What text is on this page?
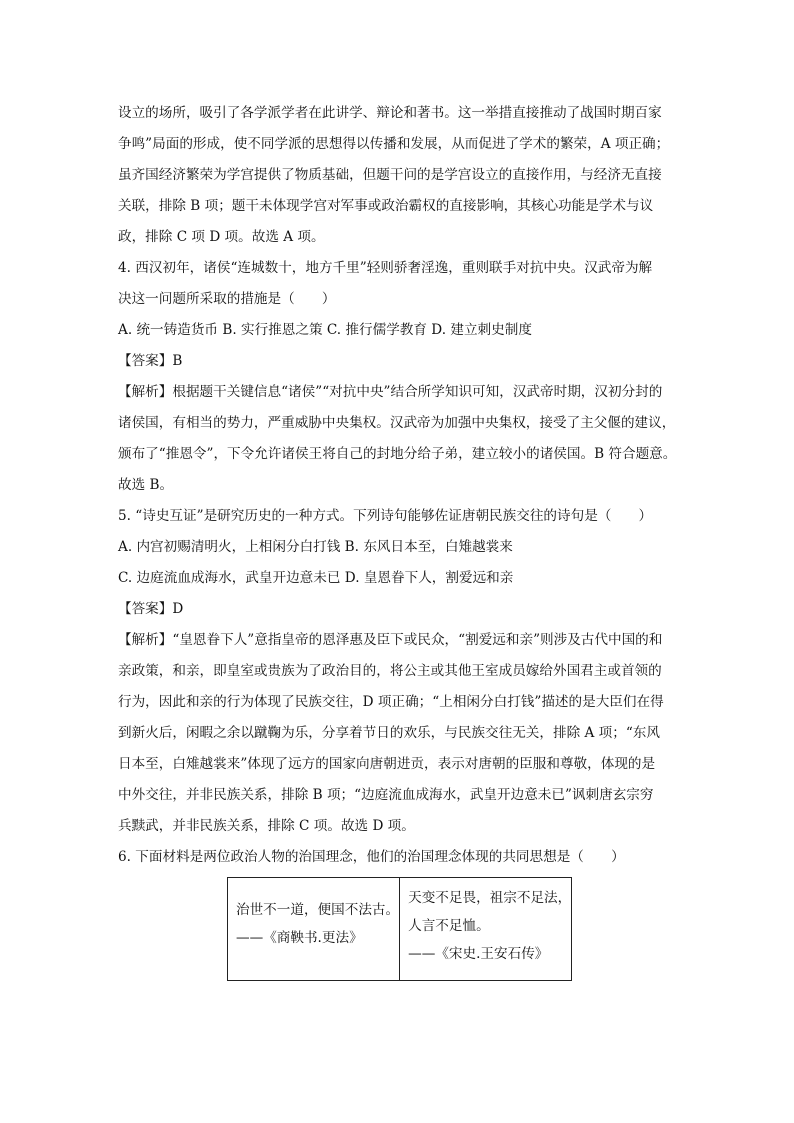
设立的场所，吸引了各学派学者在此讲学、辩论和著书。这一举措直接推动了战国时期百家
争鸣”局面的形成，使不同学派的思想得以传播和发展，从而促进了学术的繁荣，A 项正确；
虽齐国经济繁荣为学宫提供了物质基础，但题干问的是学宫设立的直接作用，与经济无直接
关联，排除 B 项；题干未体现学宫对军事或政治霸权的直接影响，其核心功能是学术与议
政，排除 C 项 D 项。故选 A 项。
4. 西汉初年，诸侯“连城数十，地方千里”轻则骄奢淫逸，重则联手对抗中央。汉武帝为解
决这一问题所采取的措施是（　　）
A. 统一铸造货币 B. 实行推恩之策 C. 推行儒学教育 D. 建立刺史制度
【答案】B
【解析】根据题干关键信息“诸侯”“对抗中央”结合所学知识可知，汉武帝时期，汉初分封的
诸侯国，有相当的势力，严重威胁中央集权。汉武帝为加强中央集权，接受了主父偃的建议，
颁布了“推恩令”，下令允许诸侯王将自己的封地分给子弟，建立较小的诸侯国。B 符合题意。
故选 B。
5. “诗史互证”是研究历史的一种方式。下列诗句能够佐证唐朝民族交往的诗句是（　　）
A. 内宫初赐清明火，上相闲分白打钱 B. 东风日本至，白雉越裳来
C. 边庭流血成海水，武皇开边意未已 D. 皇恩眷下人，割爱远和亲
【答案】D
【解析】“皇恩眷下人”意指皇帝的恩泽惠及臣下或民众，“割爱远和亲”则涉及古代中国的和
亲政策，和亲，即皇室或贵族为了政治目的，将公主或其他王室成员嫁给外国君主或首领的
行为，因此和亲的行为体现了民族交往，D 项正确；“上相闲分白打钱”描述的是大臣们在得
到新火后，闲暇之余以蹴鞠为乐，分享着节日的欢乐，与民族交往无关，排除 A 项；“东风
日本至，白雉越裳来”体现了远方的国家向唐朝进贡，表示对唐朝的臣服和尊敬，体现的是
中外交往，并非民族关系，排除 B 项；“边庭流血成海水，武皇开边意未已”讽刺唐玄宗穷
兵黩武，并非民族关系，排除 C 项。故选 D 项。
6. 下面材料是两位政治人物的治国理念，他们的治国理念体现的共同思想是（　　）
治世不一道，便国不法古。
——《商鞅书.更法》

天变不足畏，祖宗不足法，
人言不足恤。
——《宋史.王安石传》
